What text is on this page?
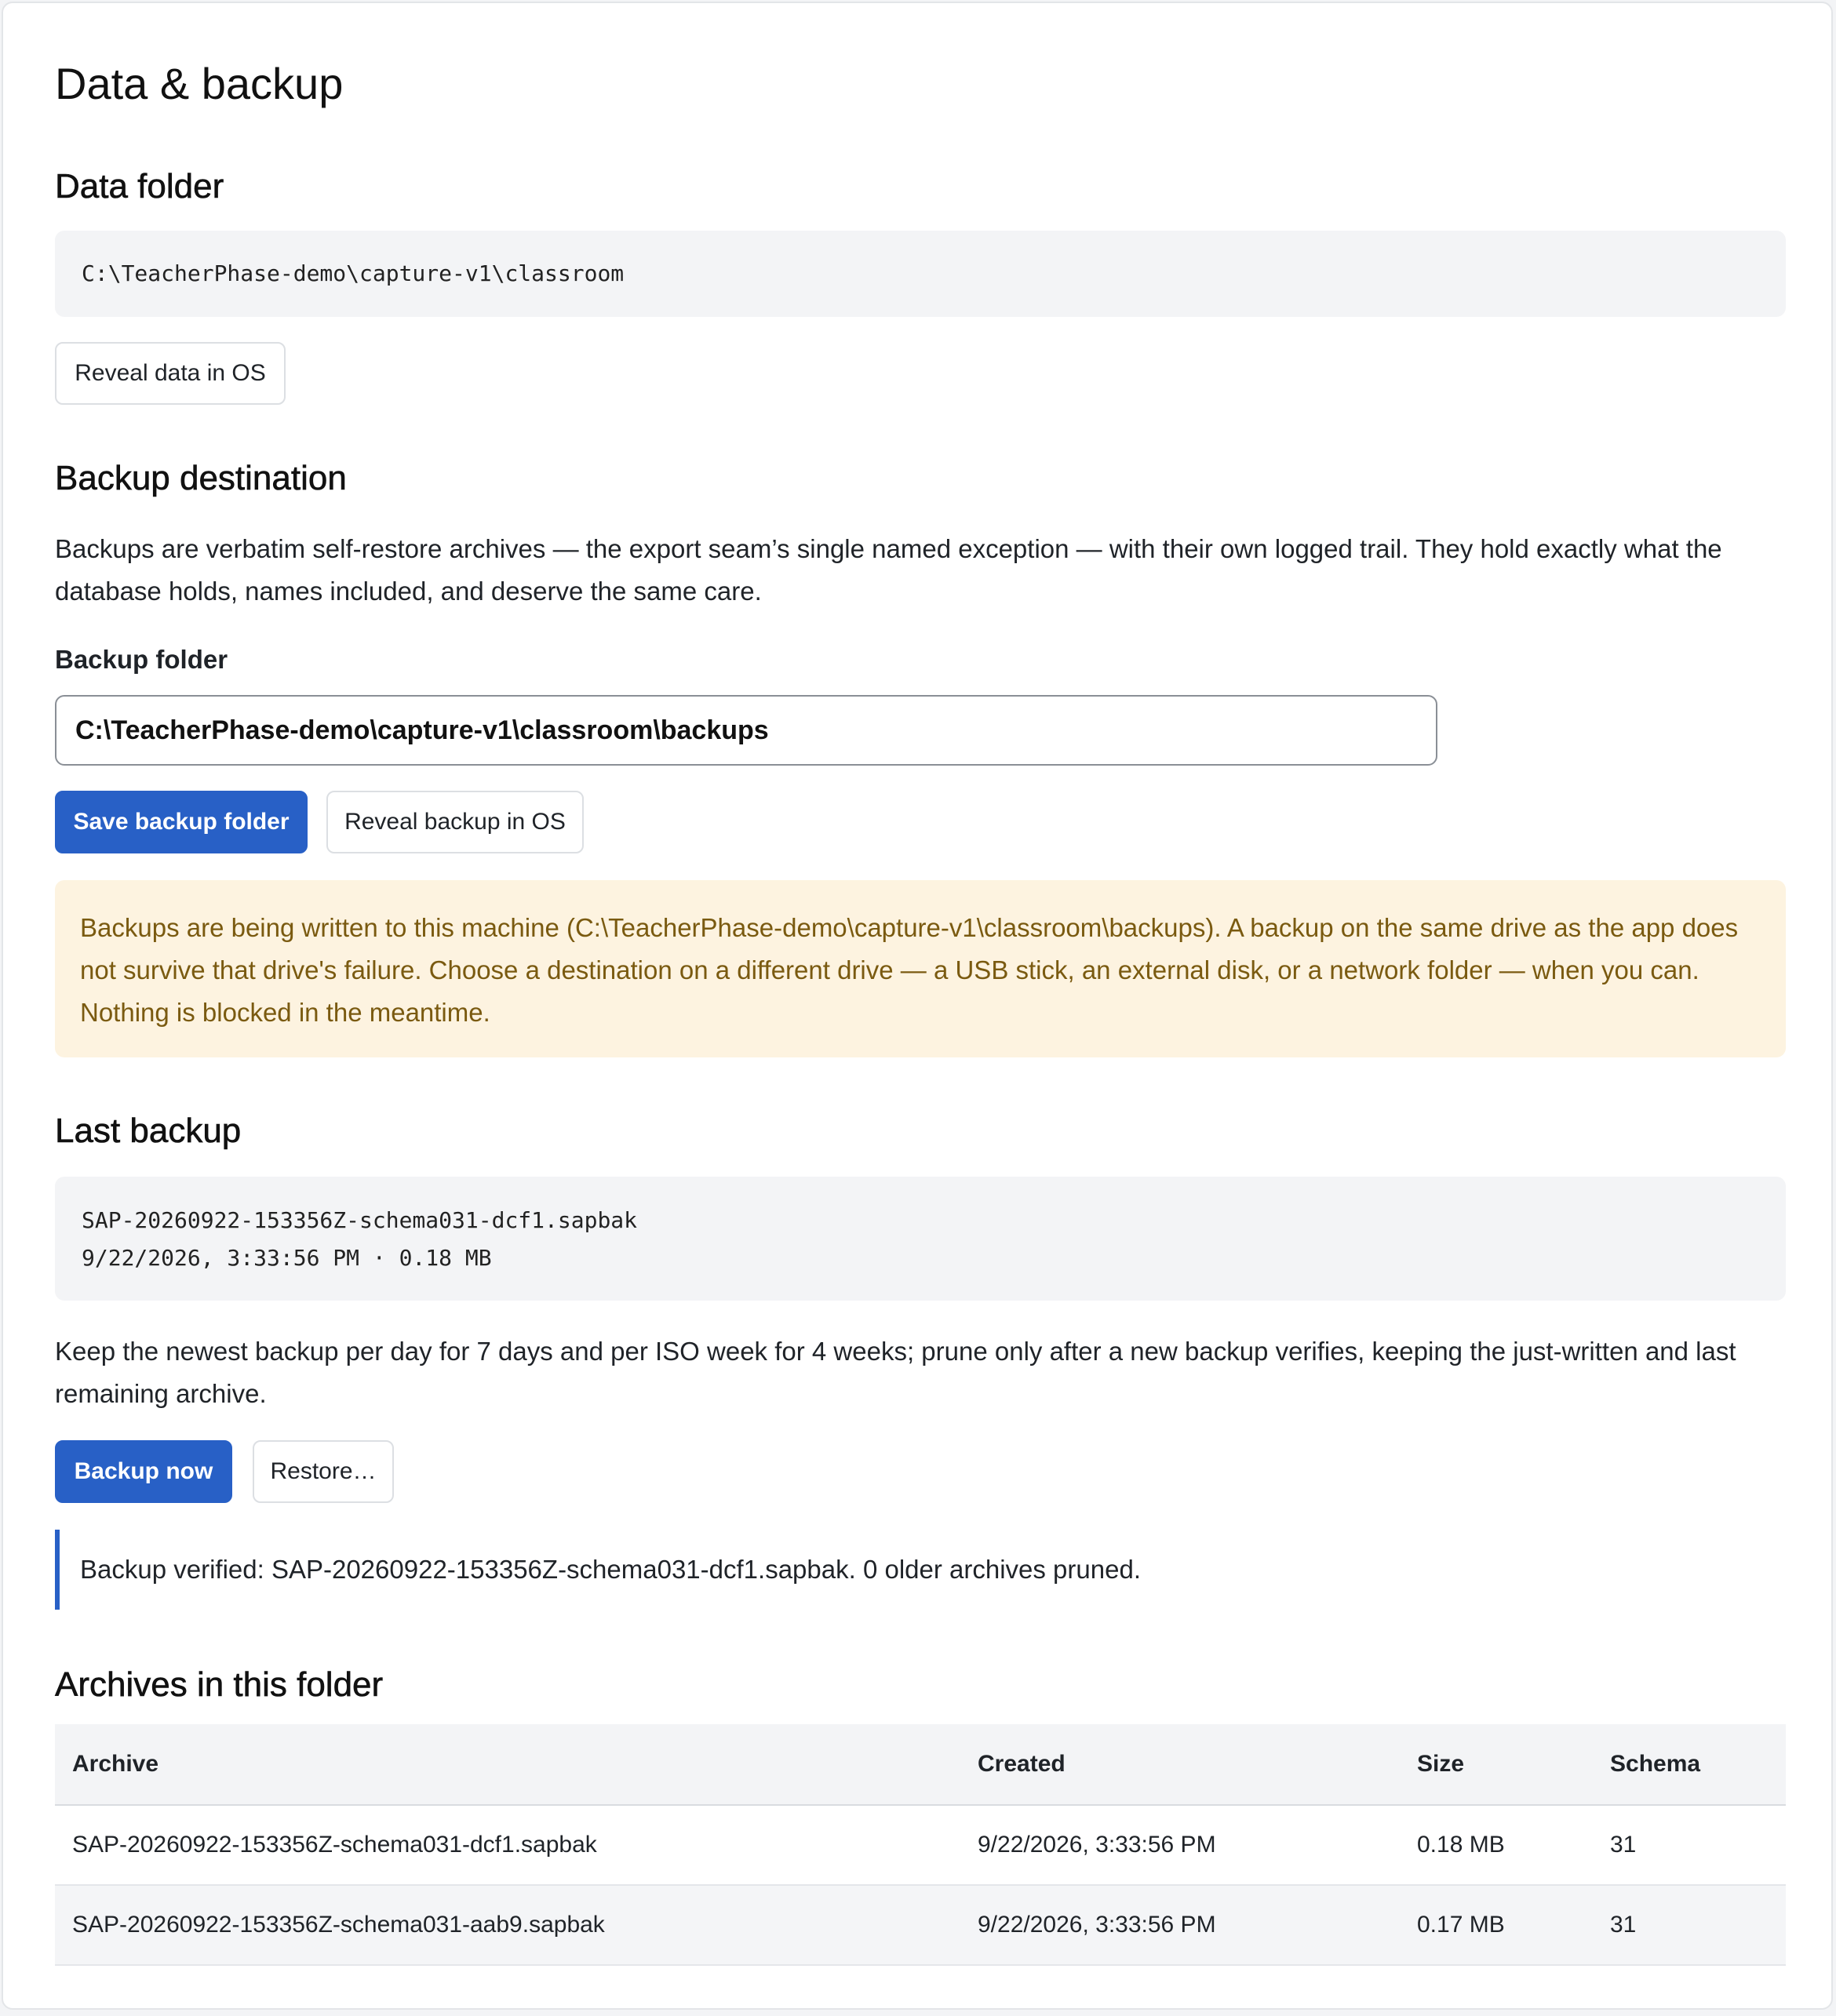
Data & backup
Data folder
C:\TeacherPhase-demo\capture-v1\classroom
Reveal data in OS
Backup destination

Backups are verbatim self-restore archives — the export seam’s single named exception — with their own logged trail. They hold exactly what the database holds, names included, and deserve the same care.

Backup folder
C:\TeacherPhase-demo\capture-v1\classroom\backups
Save backup folder	Reveal backup in OS
Backups are being written to this machine (C:\TeacherPhase-demo\capture-v1\classroom\backups). A backup on the same drive as the app does not survive that drive's failure. Choose a destination on a different drive — a USB stick, an external disk, or a network folder — when you can. Nothing is blocked in the meantime.
Last backup
SAP-20260922-153356Z-schema031-dcf1.sapbak
9/22/2026, 3:33:56 PM · 0.18 MB

Keep the newest backup per day for 7 days and per ISO week for 4 weeks; prune only after a new backup verifies, keeping the just-written and last remaining archive.

Backup now	Restore…
Backup verified: SAP-20260922-153356Z-schema031-dcf1.sapbak. 0 older archives pruned.
Archives in this folder
Archive	Created	Size	Schema
SAP-20260922-153356Z-schema031-dcf1.sapbak	9/22/2026, 3:33:56 PM	0.18 MB	31
SAP-20260922-153356Z-schema031-aab9.sapbak	9/22/2026, 3:33:56 PM	0.17 MB	31
